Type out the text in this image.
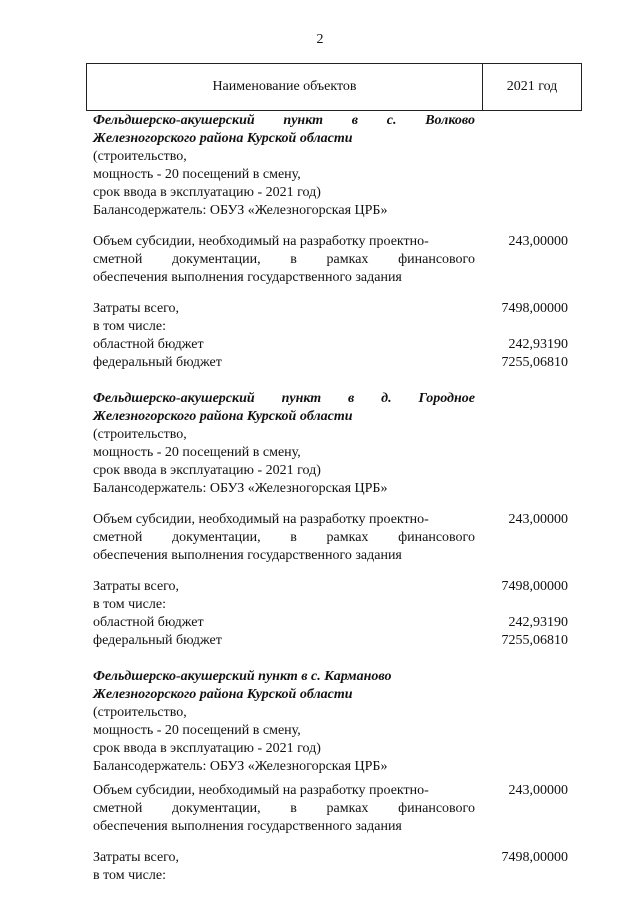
2
Наименование объектов	2021 год
Фельдшерско-акушерский пункт в с. Волково
Железногорского района Курской области
(строительство,
мощность - 20 посещений в смену,
срок ввода в эксплуатацию - 2021 год)
Балансодержатель: ОБУЗ «Железногорская ЦРБ»
Объем субсидии, необходимый на разработку проектно-
сметной документации, в рамках финансового
обеспечения выполнения государственного задания
243,00000
Затраты всего,	7498,00000
в том числе:
областной бюджет	242,93190
федеральный бюджет	7255,06810
Фельдшерско-акушерский пункт в д. Городное
Железногорского района Курской области
(строительство,
мощность - 20 посещений в смену,
срок ввода в эксплуатацию - 2021 год)
Балансодержатель: ОБУЗ «Железногорская ЦРБ»
Объем субсидии, необходимый на разработку проектно-
сметной документации, в рамках финансового
обеспечения выполнения государственного задания
243,00000
Затраты всего,	7498,00000
в том числе:
областной бюджет	242,93190
федеральный бюджет	7255,06810
Фельдшерско-акушерский пункт в с. Карманово
Железногорского района Курской области
(строительство,
мощность - 20 посещений в смену,
срок ввода в эксплуатацию - 2021 год)
Балансодержатель: ОБУЗ «Железногорская ЦРБ»
Объем субсидии, необходимый на разработку проектно-
сметной документации, в рамках финансового
обеспечения выполнения государственного задания
243,00000
Затраты всего,	7498,00000
в том числе:
